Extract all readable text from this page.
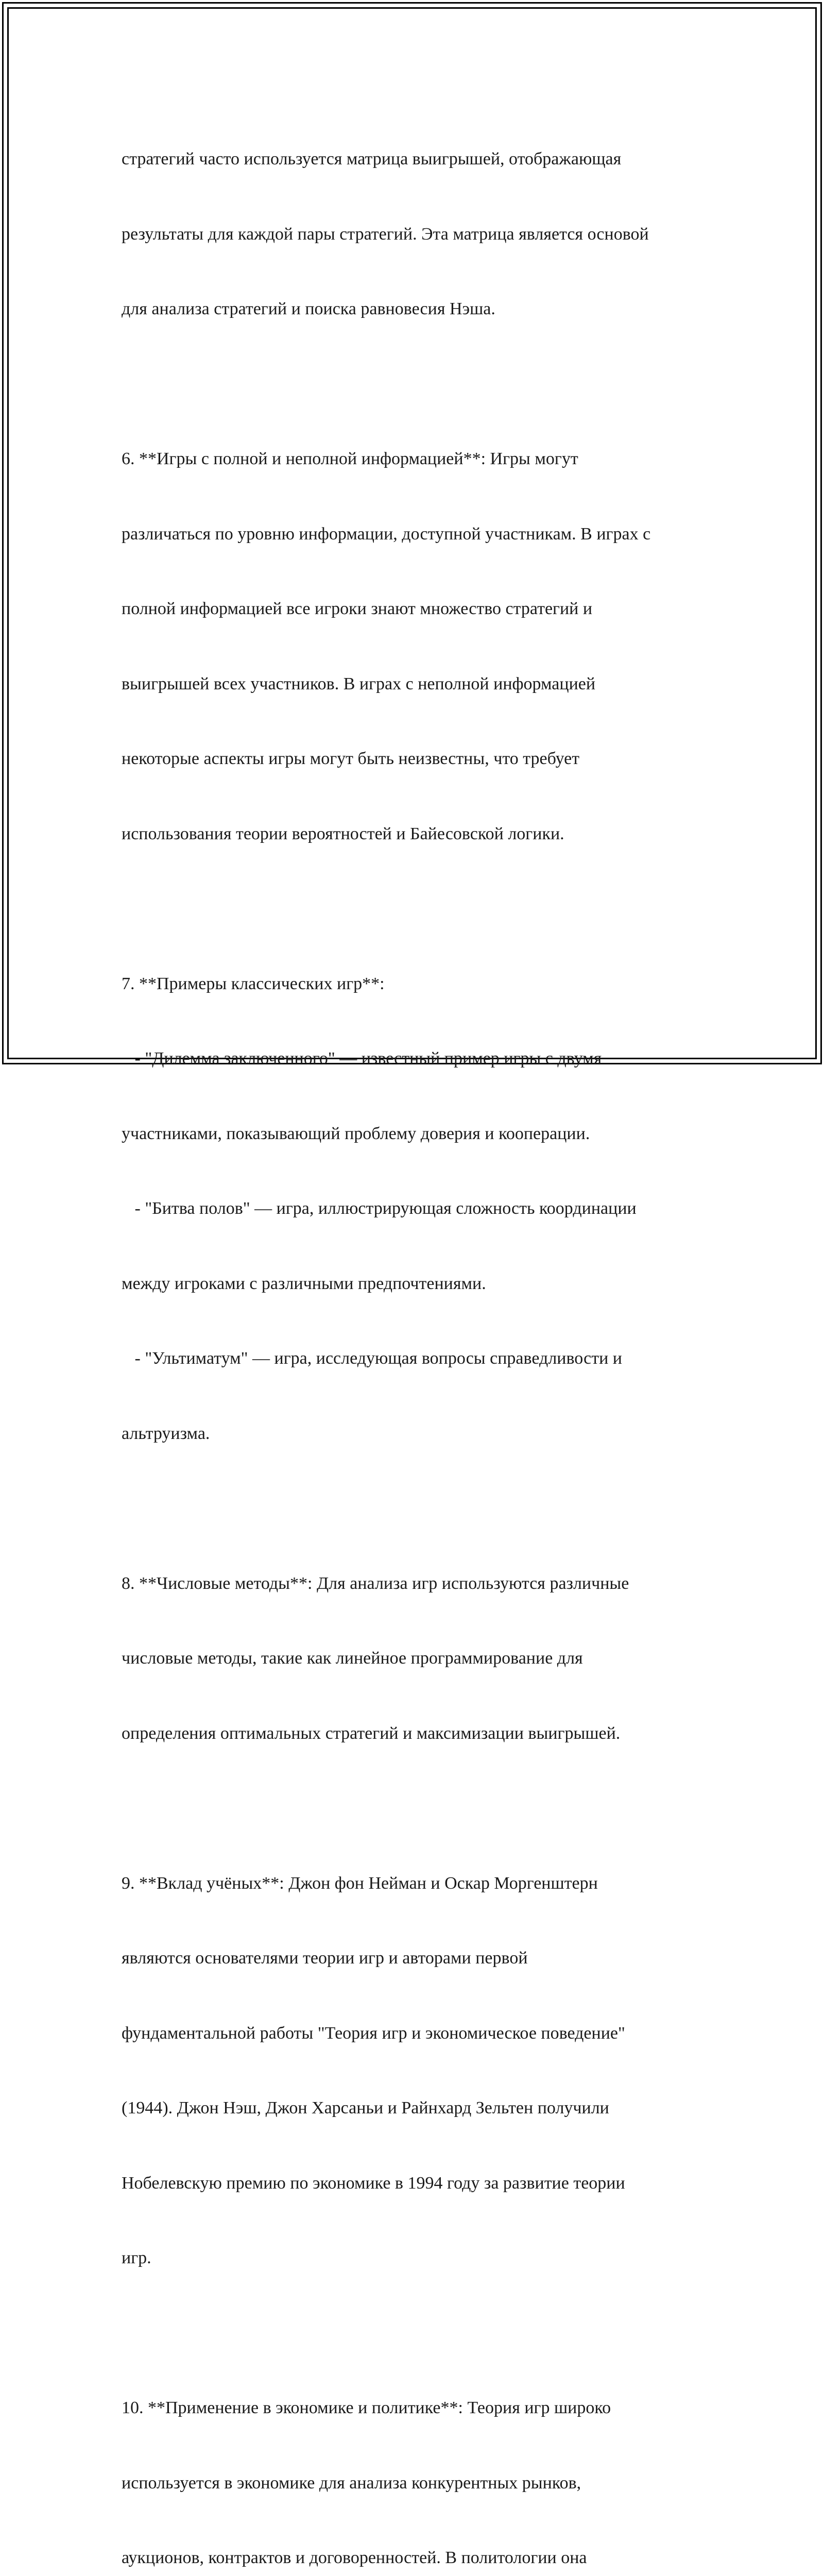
стратегий часто используется матрица выигрышей, отображающая

результаты для каждой пары стратегий. Эта матрица является основой

для анализа стратегий и поиска равновесия Нэша.

6. **Игры с полной и неполной информацией**: Игры могут

различаться по уровню информации, доступной участникам. В играх с

полной информацией все игроки знают множество стратегий и

выигрышей всех участников. В играх с неполной информацией

некоторые аспекты игры могут быть неизвестны, что требует

использования теории вероятностей и Байесовской логики.

7. **Примеры классических игр**:

- "Дилемма заключенного" — известный пример игры с двумя

участниками, показывающий проблему доверия и кооперации.

- "Битва полов" — игра, иллюстрирующая сложность координации

между игроками с различными предпочтениями.

- "Ультиматум" — игра, исследующая вопросы справедливости и

альтруизма.

8. **Числовые методы**: Для анализа игр используются различные

числовые методы, такие как линейное программирование для

определения оптимальных стратегий и максимизации выигрышей.

9. **Вклад учёных**: Джон фон Нейман и Оскар Моргенштерн

являются основателями теории игр и авторами первой

фундаментальной работы "Теория игр и экономическое поведение"

(1944). Джон Нэш, Джон Харсаньи и Райнхард Зельтен получили

Нобелевскую премию по экономике в 1994 году за развитие теории

игр.

10. **Применение в экономике и политике**: Теория игр широко

используется в экономике для анализа конкурентных рынков,

аукционов, контрактов и договоренностей. В политологии она
